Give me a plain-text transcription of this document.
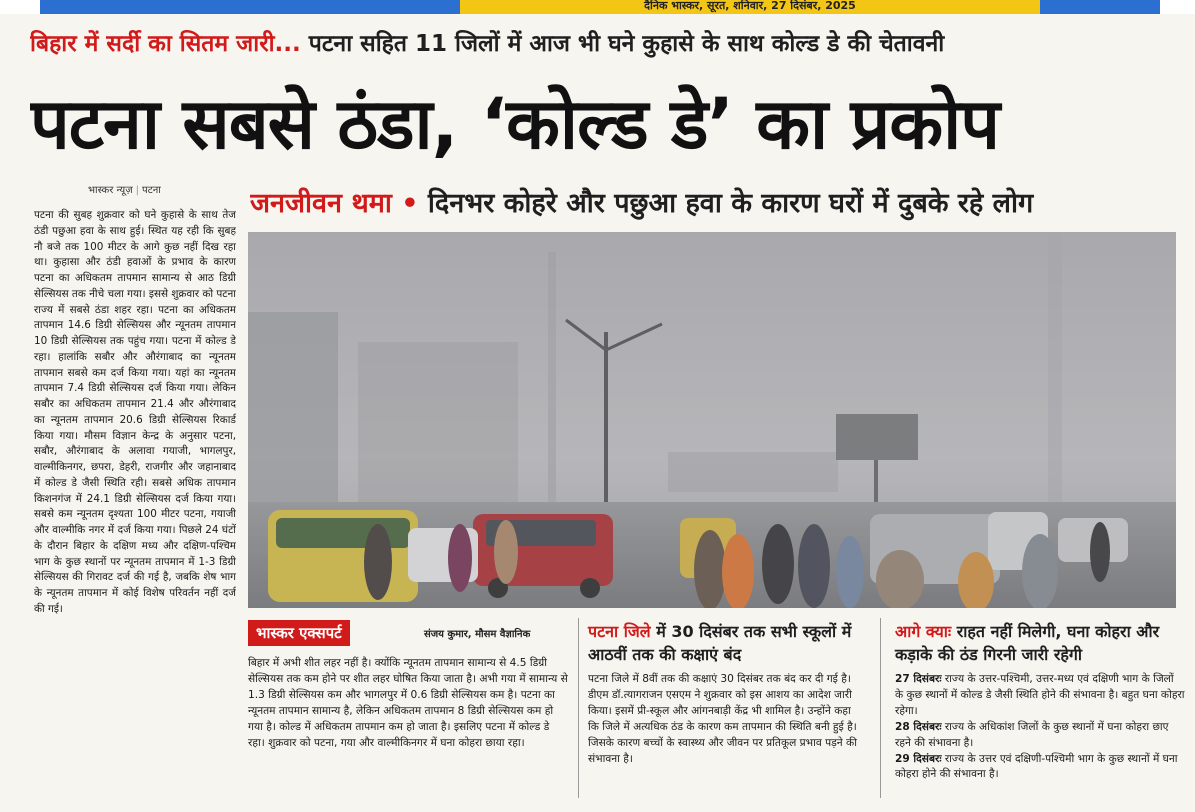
दैनिक भास्कर, सूरत, शनिवार, 27 दिसंबर, 2025
बिहार में सर्दी का सितम जारी... पटना सहित 11 जिलों में आज भी घने कुहासे के साथ कोल्ड डे की चेतावनी
पटना सबसे ठंडा, ‘कोल्ड डे’ का प्रकोप
भास्कर न्यूज़ | पटना
पटना की सुबह शुक्रवार को घने कुहासे के साथ तेज ठंडी पछुआ हवा के साथ हुई। स्थित यह रही कि सुबह नौ बजे तक 100 मीटर के आगे कुछ नहीं दिख रहा था। कुहासा और ठंडी हवाओं के प्रभाव के कारण पटना का अधिकतम तापमान सामान्य से आठ डिग्री सेल्सियस तक नीचे चला गया। इससे शुक्रवार को पटना राज्य में सबसे ठंडा शहर रहा। पटना का अधिकतम तापमान 14.6 डिग्री सेल्सियस और न्यूनतम तापमान 10 डिग्री सेल्सियस तक पहुंच गया। पटना में कोल्ड डे रहा। हालांकि सबौर और औरंगाबाद का न्यूनतम तापमान सबसे कम दर्ज किया गया। यहां का न्यूनतम तापमान 7.4 डिग्री सेल्सियस दर्ज किया गया। लेकिन सबौर का अधिकतम तापमान 21.4 और औरंगाबाद का न्यूनतम तापमान 20.6 डिग्री सेल्सियस रिकार्ड किया गया। मौसम विज्ञान केन्द्र के अनुसार पटना, सबौर, औरंगाबाद के अलावा गयाजी, भागलपुर, वाल्मीकिनगर, छपरा, डेहरी, राजगीर और जहानाबाद में कोल्ड डे जैसी स्थिति रही। सबसे अधिक तापमान किशनगंज में 24.1 डिग्री सेल्सियस दर्ज किया गया। सबसे कम न्यूनतम दृश्यता 100 मीटर पटना, गयाजी और वाल्मीकि नगर में दर्ज किया गया। पिछले 24 घंटों के दौरान बिहार के दक्षिण मध्य और दक्षिण-पश्चिम भाग के कुछ स्थानों पर न्यूनतम तापमान में 1-3 डिग्री सेल्सियस की गिरावट दर्ज की गई है, जबकि शेष भाग के न्यूनतम तापमान में कोई विशेष परिवर्तन नहीं दर्ज की गई।
जनजीवन थमा • दिनभर कोहरे और पछुआ हवा के कारण घरों में दुबके रहे लोग
भास्कर एक्सपर्ट	संजय कुमार, मौसम वैज्ञानिक
बिहार में अभी शीत लहर नहीं है। क्योंकि न्यूनतम तापमान सामान्य से 4.5 डिग्री सेल्सियस तक कम होने पर शीत लहर घोषित किया जाता है। अभी गया में सामान्य से 1.3 डिग्री सेल्सियस कम और भागलपुर में 0.6 डिग्री सेल्सियस कम है। पटना का न्यूनतम तापमान सामान्य है, लेकिन अधिकतम तापमान 8 डिग्री सेल्सियस कम हो गया है। कोल्ड में अधिकतम तापमान कम हो जाता है। इसलिए पटना में कोल्ड डे रहा। शुक्रवार को पटना, गया और वाल्मीकिनगर में घना कोहरा छाया रहा।
पटना जिले में 30 दिसंबर तक सभी स्कूलों में आठवीं तक की कक्षाएं बंद
पटना जिले में 8वीं तक की कक्षाएं 30 दिसंबर तक बंद कर दी गई है। डीएम डॉ.त्यागराजन एसएम ने शुक्रवार को इस आशय का आदेश जारी किया। इसमें प्री-स्कूल और आंगनबाड़ी केंद्र भी शामिल है। उन्होंने कहा कि जिले में अत्यधिक ठंड के कारण कम तापमान की स्थिति बनी हुई है। जिसके कारण बच्चों के स्वास्थ्य और जीवन पर प्रतिकूल प्रभाव पड़ने की संभावना है।
आगे क्याः राहत नहीं मिलेगी, घना कोहरा और कड़ाके की ठंड गिरनी जारी रहेगी
27 दिसंबरः राज्य के उत्तर-पश्चिमी, उत्तर-मध्य एवं दक्षिणी भाग के जिलों के कुछ स्थानों में कोल्ड डे जैसी स्थिति होने की संभावना है। बहुत घना कोहरा रहेगा।
28 दिसंबरः राज्य के अधिकांश जिलों के कुछ स्थानों में घना कोहरा छाए रहने की संभावना है।
29 दिसंबरः राज्य के उत्तर एवं दक्षिणी-पश्चिमी भाग के कुछ स्थानों में घना कोहरा होने की संभावना है।
